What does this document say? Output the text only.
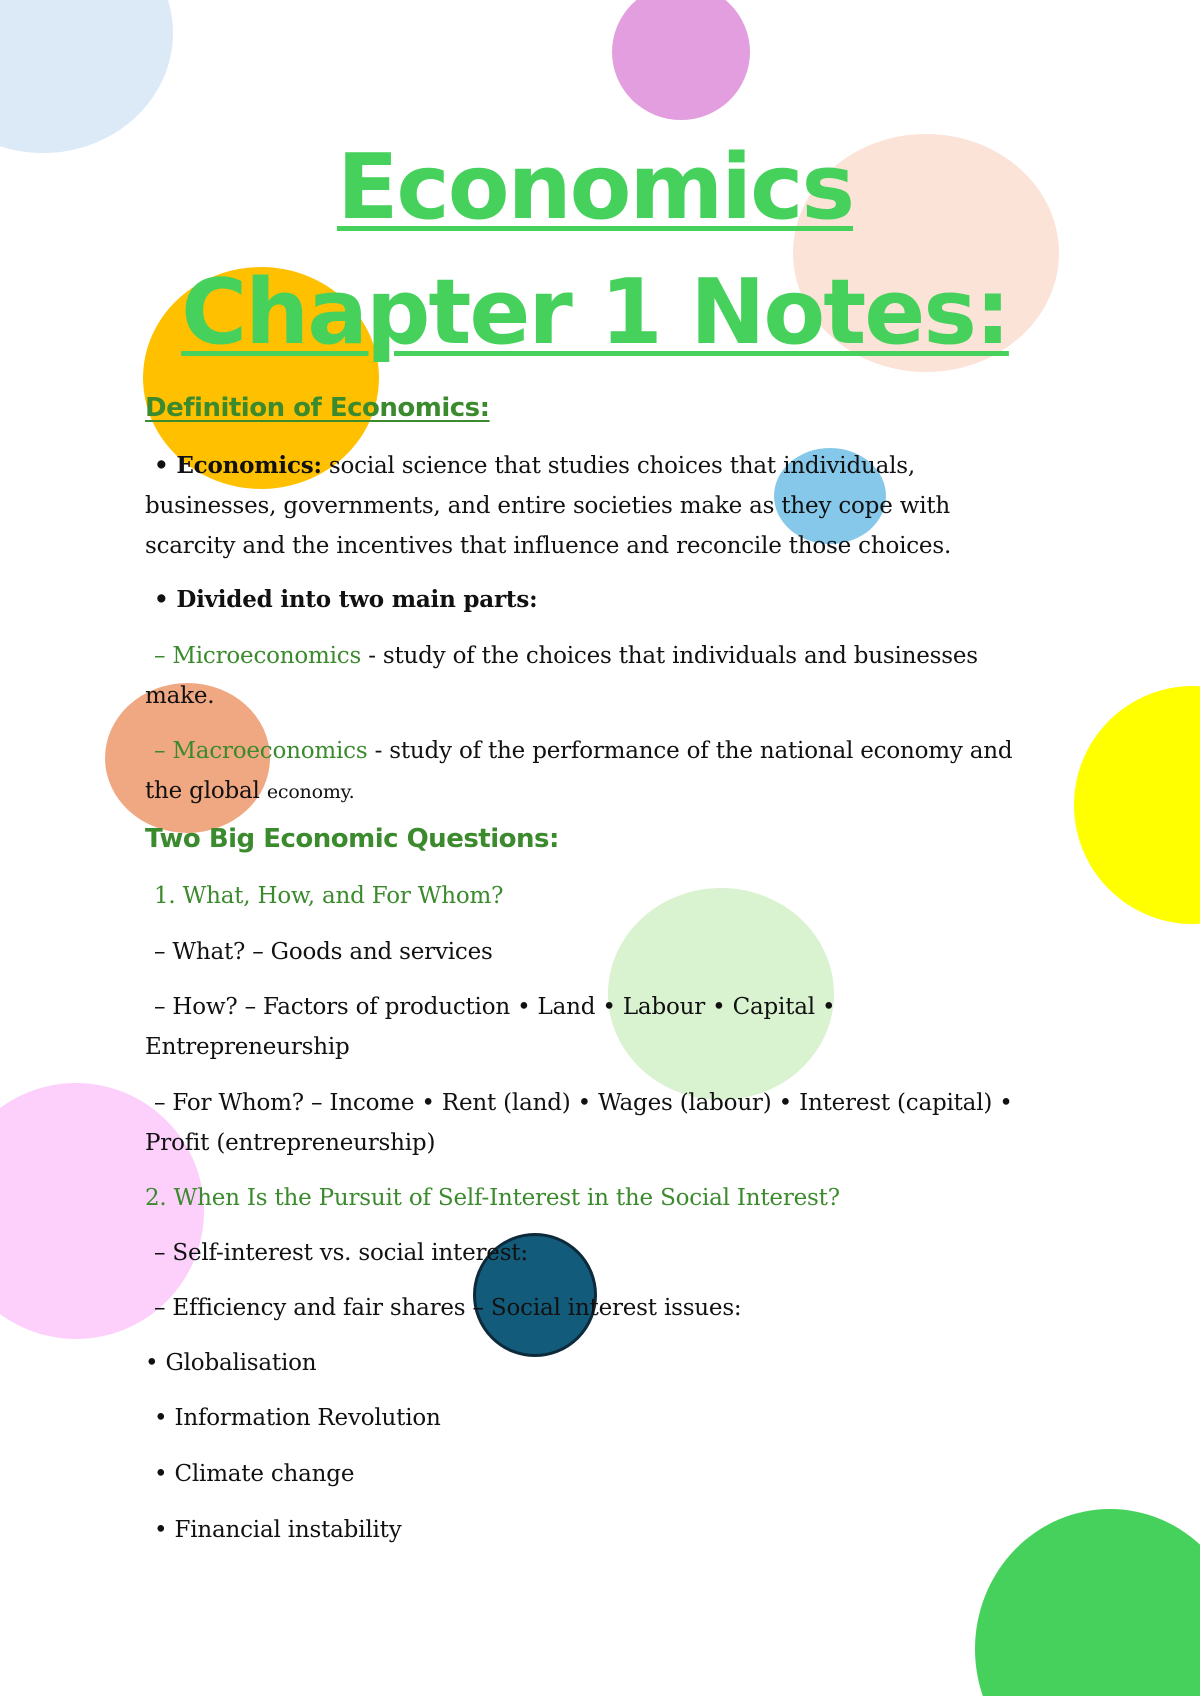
Economics
Chapter 1 Notes:
Definition of Economics:

• Economics: social science that studies choices that individuals, businesses, governments, and entire societies make as they cope with scarcity and the incentives that influence and reconcile those choices.

• Divided into two main parts:

– Microeconomics - study of the choices that individuals and businesses make.

– Macroeconomics - study of the performance of the national economy and the global economy.

Two Big Economic Questions:

1. What, How, and For Whom?

– What? – Goods and services

– How? – Factors of production • Land • Labour • Capital • Entrepreneurship

– For Whom? – Income • Rent (land) • Wages (labour) • Interest (capital) • Profit (entrepreneurship)

2. When Is the Pursuit of Self-Interest in the Social Interest?

– Self-interest vs. social interest:

– Efficiency and fair shares – Social interest issues:

• Globalisation

• Information Revolution

• Climate change

• Financial instability
